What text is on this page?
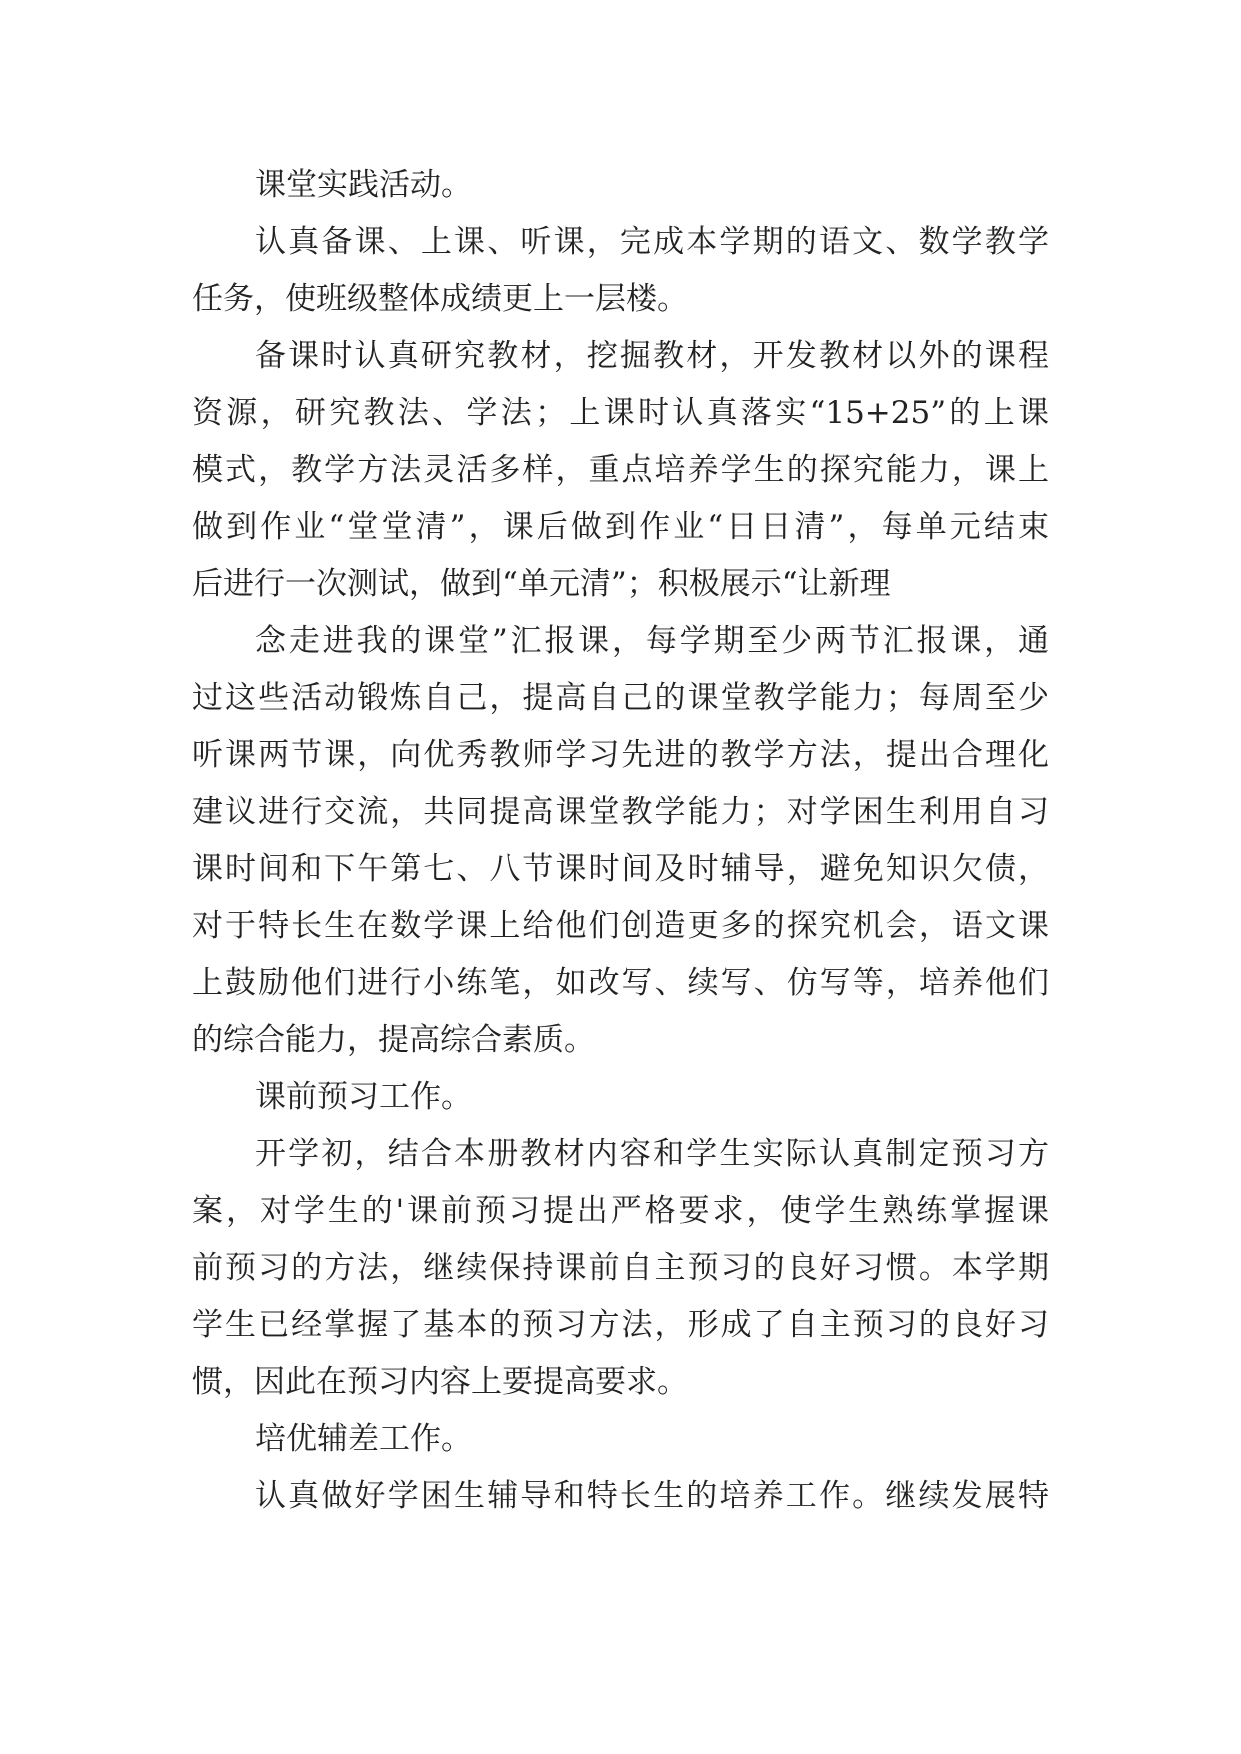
课堂实践活动。
认真备课、上课、听课，完成本学期的语文、数学教学
任务，使班级整体成绩更上一层楼。
备课时认真研究教材，挖掘教材，开发教材以外的课程
资源，研究教法、学法；上课时认真落实“15+25”的上课
模式，教学方法灵活多样，重点培养学生的探究能力，课上
做到作业“堂堂清”，课后做到作业“日日清”，每单元结束
后进行一次测试，做到“单元清”；积极展示“让新理
念走进我的课堂”汇报课，每学期至少两节汇报课，通
过这些活动锻炼自己，提高自己的课堂教学能力；每周至少
听课两节课，向优秀教师学习先进的教学方法，提出合理化
建议进行交流，共同提高课堂教学能力；对学困生利用自习
课时间和下午第七、八节课时间及时辅导，避免知识欠债，
对于特长生在数学课上给他们创造更多的探究机会，语文课
上鼓励他们进行小练笔，如改写、续写、仿写等，培养他们
的综合能力，提高综合素质。
课前预习工作。
开学初，结合本册教材内容和学生实际认真制定预习方
案，对学生的'课前预习提出严格要求，使学生熟练掌握课
前预习的方法，继续保持课前自主预习的良好习惯。本学期
学生已经掌握了基本的预习方法，形成了自主预习的良好习
惯，因此在预习内容上要提高要求。
培优辅差工作。
认真做好学困生辅导和特长生的培养工作。继续发展特
